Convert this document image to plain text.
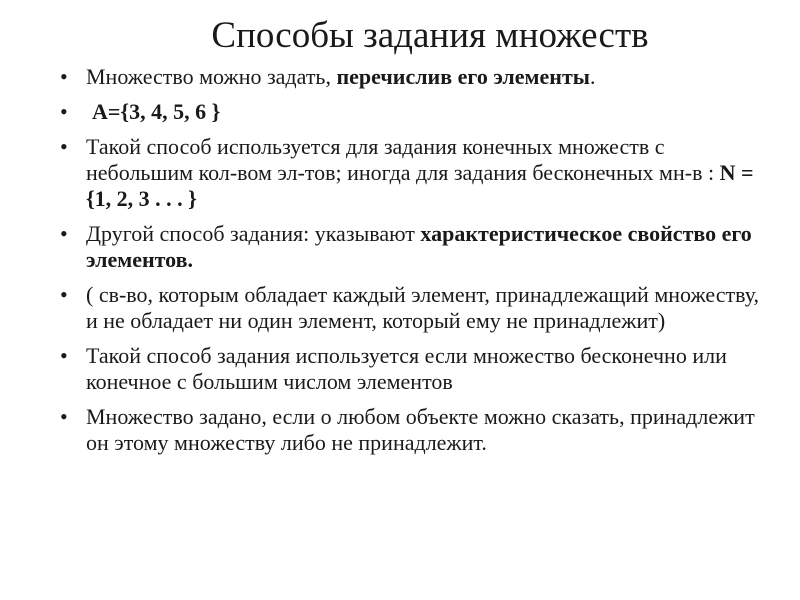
Способы задания множеств
• Множество можно задать, перечислив его элементы.
•	A={3, 4, 5, 6 }
• Такой способ используется для задания конечных множеств с небольшим кол-вом эл-тов; иногда для задания бесконечных мн-в : N ={1, 2, 3 . . . }
• Другой способ задания: указывают характеристическое свойство его элементов.
• ( св-во, которым обладает каждый элемент, принадлежащий множеству, и не обладает ни один элемент, который ему не принадлежит)
• Такой способ задания используется если множество бесконечно или конечное с большим числом элементов
• Множество задано, если о любом объекте можно сказать, принадлежит он этому множеству либо не принадлежит.
